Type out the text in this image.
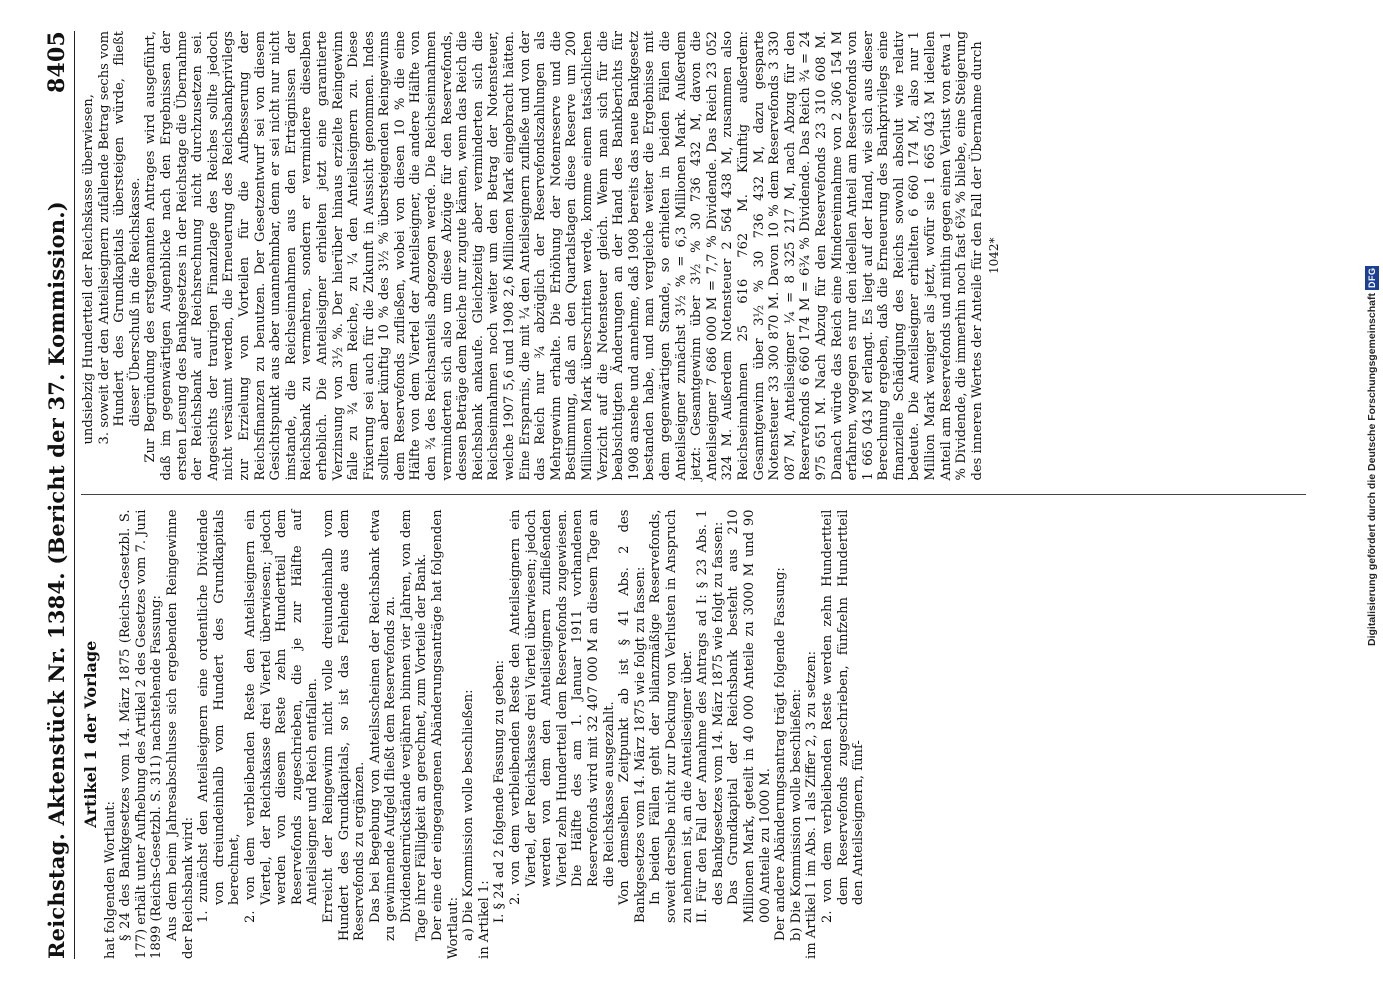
Reichstag. Aktenstück Nr. 1384. (Bericht der 37. Kommission.)
8405
Artikel 1 der Vorlage

hat folgenden Wortlaut: § 24 des Bankgesetzes vom 14. März 1875 (Reichs-Gesetzbl. S. 177) erhält unter Aufhebung des Artikel 2 des Gesetzes vom 7. Juni 1899 (Reichs-Gesetzbl. S. 311) nachstehende Fassung: Aus dem beim Jahresabschlusse sich ergebenden Reingewinne der Reichsbank wird: 1. zunächst den Anteilseignern eine ordentliche Dividende von dreiundeinhalb vom Hundert des Grundkapitals berechnet, 2. von dem verbleibenden Reste den Anteilseignern ein Viertel, der Reichskasse drei Viertel überwiesen; jedoch werden von diesem Reste zehn Hundertteil dem Reservefonds zugeschrieben, die je zur Hälfte auf Anteilseigner und Reich entfallen. Erreicht der Reingewinn nicht volle dreiundeinhalb vom Hundert des Grundkapitals, so ist das Fehlende aus dem Reservefonds zu ergänzen. Das bei Begebung von Anteilsscheinen der Reichsbank etwa zu gewinnende Aufgeld fließt dem Reservefonds zu. Dividendenrückstände verjähren binnen vier Jahren, von dem Tage ihrer Fälligkeit an gerechnet, zum Vorteile der Bank. Der eine der eingegangenen Abänderungsanträge hat folgenden Wortlaut: a) Die Kommission wolle beschließen: in Artikel 1: I. § 24 ad 2 folgende Fassung zu geben: 2. von dem verbleibenden Reste den Anteilseignern ein Viertel, der Reichskasse drei Viertel überwiesen; jedoch werden von dem den Anteilseignern zufließenden Viertel zehn Hundertteil dem Reservefonds zugewiesen. Die Hälfte des am 1. Januar 1911 vorhandenen Reservefonds wird mit 32 407 000 M an diesem Tage an die Reichskasse ausgezahlt. Von demselben Zeitpunkt ab ist § 41 Abs. 2 des Bankgesetzes vom 14. März 1875 wie folgt zu fassen: In beiden Fällen geht der bilanzmäßige Reservefonds, soweit derselbe nicht zur Deckung von Verlusten in Anspruch zu nehmen ist, an die Anteilseigner über. II. Für den Fall der Annahme des Antrags ad I: § 23 Abs. 1 des Bankgesetzes vom 14. März 1875 wie folgt zu fassen: Das Grundkapital der Reichsbank besteht aus 210 Millionen Mark, geteilt in 40 000 Anteile zu 3000 M und 90 000 Anteile zu 1000 M. Der andere Abänderungsantrag trägt folgende Fassung: b) Die Kommission wolle beschließen: im Artikel 1 im Abs. 1 als Ziffer 2, 3 zu setzen: 2. von dem verbleibenden Reste werden zehn Hundertteil dem Reservefonds zugeschrieben, fünfzehn Hundertteil den Anteilseignern, fünf-

undsiebzig Hundertteil der Reichskasse überwiesen, 3. soweit der den Anteilseignern zufallende Betrag sechs vom Hundert des Grundkapitals übersteigen würde, fließt dieser Überschuß in die Reichskasse. Zur Begründung des erstgenannten Antrages wird ausgeführt, daß im gegenwärtigen Augenblicke nach den Ergebnissen der ersten Lesung des Bankgesetzes in der Reichstage die Übernahme der Reichsbank auf Reichsrechnung nicht durchzusetzen sei. Angesichts der traurigen Finanzlage des Reiches sollte jedoch nicht versäumt werden, die Erneuerung des Reichsbankprivilegs zur Erzielung von Vorteilen für die Aufbesserung der Reichsfinanzen zu benutzen. Der Gesetzentwurf sei von diesem Gesichtspunkt aus aber unannehmbar, denn er sei nicht nur nicht imstande, die Reichseinnahmen aus den Erträgnissen der Reichsbank zu vermehren, sondern er vermindere dieselben erheblich. Die Anteilseigner erhielten jetzt eine garantierte Verzinsung von 3½ %. Der hierüber hinaus erzielte Reingewinn falle zu ¾ dem Reiche, zu ¼ den Anteilseignern zu. Diese Fixierung sei auch für die Zukunft in Aussicht genommen. Indes sollten aber künftig 10 % des 3½ % übersteigenden Reingewinns dem Reservefonds zufließen, wobei von diesen 10 % die eine Hälfte von dem Viertel der Anteilseigner, die andere Hälfte von den ¾ des Reichsanteils abgezogen werde. Die Reichseinnahmen verminderten sich also um diese Abzüge für den Reservefonds, dessen Beträge dem Reiche nur zugute kämen, wenn das Reich die Reichsbank ankaufe. Gleichzeitig aber verminderten sich die Reichseinnahmen noch weiter um den Betrag der Notensteuer, welche 1907 5,6 und 1908 2,6 Millionen Mark eingebracht hätten. Eine Ersparnis, die mit ¼ den Anteilseignern zufließe und von der das Reich nur ¾ abzüglich der Reservefondszahlungen als Mehrgewinn erhalte. Die Erhöhung der Notenreserve und die Bestimmung, daß an den Quartalstagen diese Reserve um 200 Millionen Mark überschritten werde, komme einem tatsächlichen Verzicht auf die Notensteuer gleich. Wenn man sich für die beabsichtigten Änderungen an der Hand des Bankberichts für 1908 ansehe und annehme, daß 1908 bereits das neue Bankgesetz bestanden habe, und man vergleiche weiter die Ergebnisse mit dem gegenwärtigen Stande, so erhielten in beiden Fällen die Anteilseigner zunächst 3½ % = 6,3 Millionen Mark. Außerdem jetzt: Gesamtgewinn über 3½ % 30 736 432 M, davon die Anteilseigner 7 686 000 M = 7,7 % Dividende. Das Reich 23 052 324 M. Außerdem Notensteuer 2 564 438 M, zusammen also Reichseinnahmen 25 616 762 M. Künftig außerdem: Gesamtgewinn über 3½ % 30 736 432 M, dazu gesparte Notensteuer 33 300 870 M. Davon 10 % dem Reservefonds 3 330 087 M, Anteilseigner ¼ = 8 325 217 M, nach Abzug für den Reservefonds 6 660 174 M = 6¾ % Dividende. Das Reich ¾ = 24 975 651 M. Nach Abzug für den Reservefonds 23 310 608 M. Danach würde das Reich eine Mindereinnahme von 2 306 154 M erfahren, wogegen es nur den ideellen Anteil am Reservefonds von 1 665 043 M erlangt. Es liegt auf der Hand, wie sich aus dieser Berechnung ergeben, daß die Erneuerung des Bankprivilegs eine finanzielle Schädigung des Reichs sowohl absolut wie relativ bedeute. Die Anteilseigner erhielten 6 660 174 M, also nur 1 Million Mark weniger als jetzt, wofür sie 1 665 043 M ideellen Anteil am Reservefonds und mithin gegen einen Verlust von etwa 1 % Dividende, die immerhin noch fast 6¾ % bliebe, eine Steigerung des inneren Wertes der Anteile für den Fall der Übernahme durch 1042*
Digitalisierung gefördert durch die Deutsche Forschungsgemeinschaft DFG
